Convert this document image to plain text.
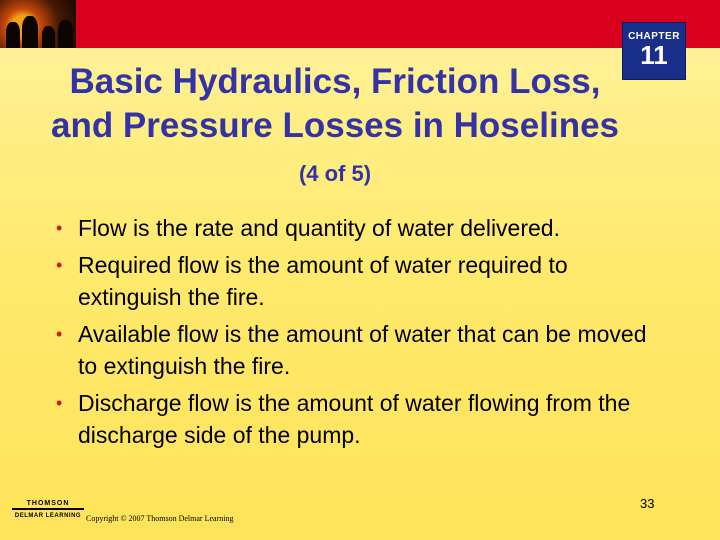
CHAPTER
11
Basic Hydraulics, Friction Loss, and Pressure Losses in Hoselines (4 of 5)
• Flow is the rate and quantity of water delivered.
• Required flow is the amount of water required to extinguish the fire.
• Available flow is the amount of water that can be moved to extinguish the fire.
• Discharge flow is the amount of water flowing from the discharge side of the pump.
THOMSON
DELMAR LEARNING Copyright © 2007 Thomson Delmar Learning
33
